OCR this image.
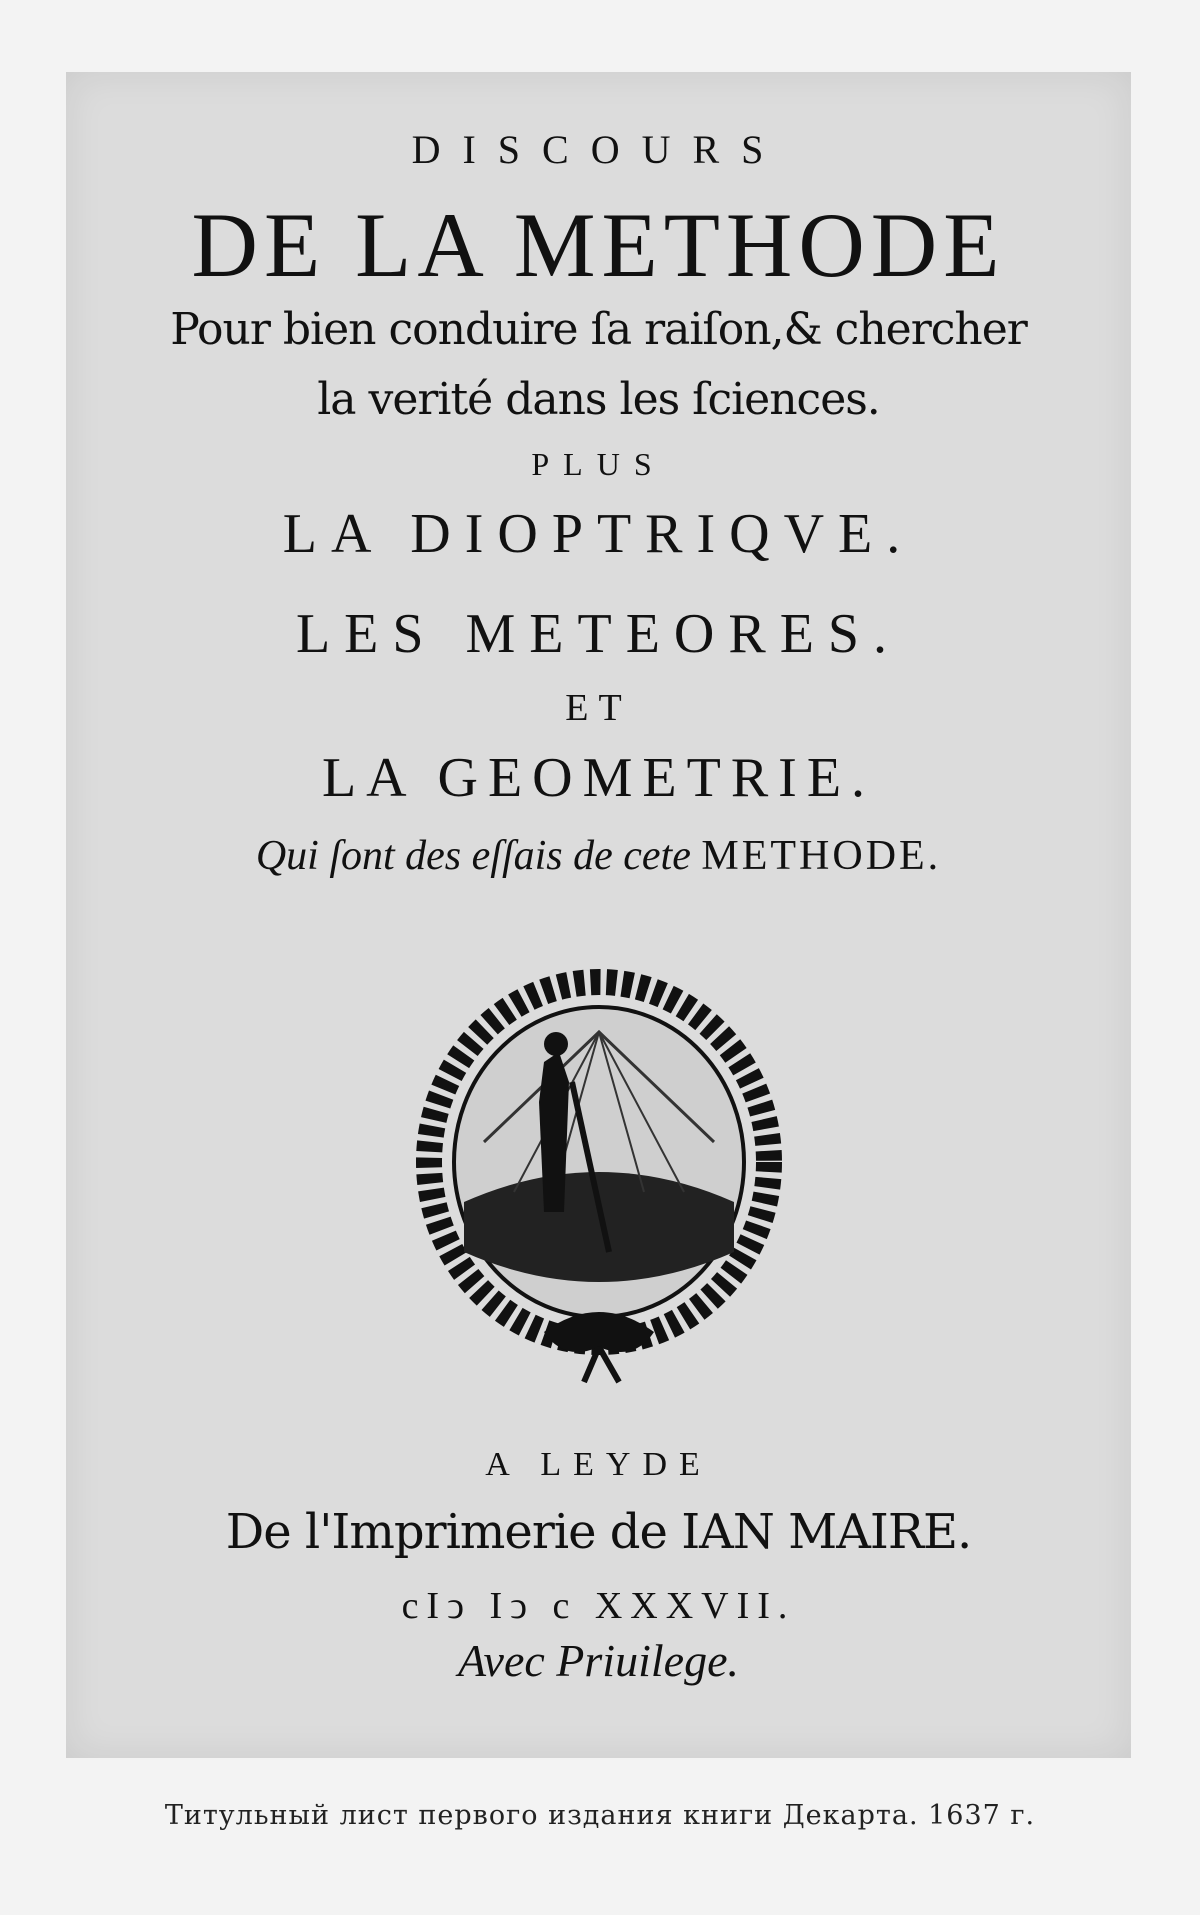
DISCOURS
DE LA METHODE
Pour bien conduire ſa raiſon,& chercher
la verité dans les ſciences.
PLUS
LA DIOPTRIQVE.
LES METEORES.
ET
LA GEOMETRIE.
Qui ſont des eſſais de cete METHODE.
A LEYDE
De l'Imprimerie de IAN MAIRE.
cIↄ Iↄ c XXXVII.
Avec Priuilege.
Титульный лист первого издания книги Декарта. 1637 г.
